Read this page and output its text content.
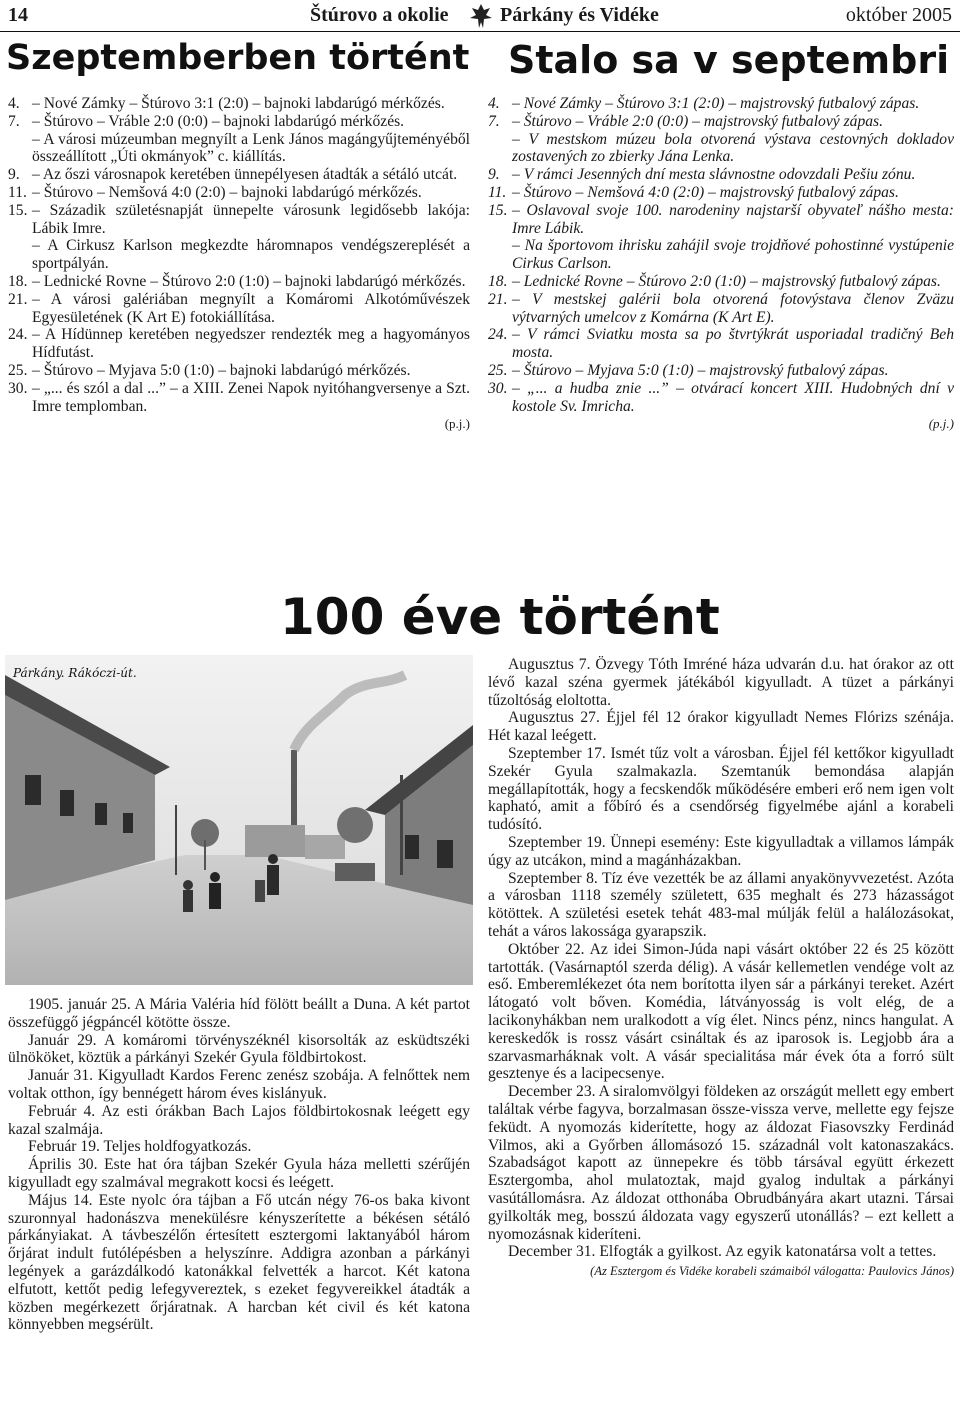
14	Štúrovo a okolie	Párkány és Vidéke	október 2005
Szeptemberben történt Stalo sa v septembri
4. – Nové Zámky – Štúrovo 3:1 (2:0) – bajnoki labdarúgó mérkőzés.
7. – Štúrovo – Vráble 2:0 (0:0) – bajnoki labdarúgó mérkőzés.
– A városi múzeumban megnyílt a Lenk János magángyűjteményéből összeállított „Úti okmányok” c. kiállítás.
9. – Az őszi városnapok keretében ünnepélyesen átadták a sétáló utcát.
11. – Štúrovo – Nemšová 4:0 (2:0) – bajnoki labdarúgó mérkőzés.
15. – Századik születésnapját ünnepelte városunk legidősebb lakója: Lábik Imre.
– A Cirkusz Karlson megkezdte háromnapos vendégszereplését a sportpályán.
18. – Lednické Rovne – Štúrovo 2:0 (1:0) – bajnoki labdarúgó mérkőzés.
21. – A városi galériában megnyílt a Komáromi Alkotóművészek Egyesületének (K Art E) fotokiállítása.
24. – A Hídünnep keretében negyedszer rendezték meg a hagyományos Hídfutást.
25. – Štúrovo – Myjava 5:0 (1:0) – bajnoki labdarúgó mérkőzés.
30. – „... és szól a dal ...” – a XIII. Zenei Napok nyitóhangversenye a Szt. Imre templomban.
(p.j.)
4. – Nové Zámky – Štúrovo 3:1 (2:0) – majstrovský futbalový zápas.
7. – Štúrovo – Vráble 2:0 (0:0) – majstrovský futbalový zápas.
– V mestskom múzeu bola otvorená výstava cestovných dokladov zostavených zo zbierky Jána Lenka.
9. – V rámci Jesenných dní mesta slávnostne odovzdali Pešiu zónu.
11. – Štúrovo – Nemšová 4:0 (2:0) – majstrovský futbalový zápas.
15. – Oslavoval svoje 100. narodeniny najstarší obyvateľ nášho mesta: Imre Lábik.
– Na športovom ihrisku zahájil svoje trojdňové pohostinné vystúpenie Cirkus Carlson.
18. – Lednické Rovne – Štúrovo 2:0 (1:0) – majstrovský futbalový zápas.
21. – V mestskej galérii bola otvorená fotovýstava členov Zväzu výtvarných umelcov z Komárna (K Art E).
24. – V rámci Sviatku mosta sa po štvrtýkrát usporiadal tradičný Beh mosta.
25. – Štúrovo – Myjava 5:0 (1:0) – majstrovský futbalový zápas.
30. – „... a hudba znie ...” – otvárací koncert XIII. Hudobných dní v kostole Sv. Imricha.
(p.j.)
100 éve történt
Párkány. Rákóczi-út.

1905. január 25. A Mária Valéria híd fölött beállt a Duna. A két partot összefüggő jégpáncél kötötte össze.

Január 29. A komáromi törvényszéknél kisorsolták az esküdtszéki ülnököket, köztük a párkányi Szekér Gyula földbirtokost.

Január 31. Kigyulladt Kardos Ferenc zenész szobája. A felnőttek nem voltak otthon, így bennégett három éves kislányuk.

Február 4. Az esti órákban Bach Lajos földbirtokosnak leégett egy kazal szalmája.

Február 19. Teljes holdfogyatkozás.

Április 30. Este hat óra tájban Szekér Gyula háza melletti szérűjén kigyulladt egy szalmával megrakott kocsi és leégett.

Május 14. Este nyolc óra tájban a Fő utcán négy 76-os baka kivont szuronnyal hadonászva menekülésre kényszerítette a békésen sétáló párkányiakat. A távbeszélőn értesített esztergomi laktanyából három őrjárat indult futólépésben a helyszínre. Addigra azonban a párkányi legények a garázdálkodó katonákkal felvették a harcot. Két katona elfutott, kettőt pedig lefegyvereztek, s ezeket fegyvereikkel átadták a közben megérkezett őrjáratnak. A harcban két civil és két katona könnyebben megsérült.

Augusztus 7. Özvegy Tóth Imréné háza udvarán d.u. hat órakor az ott lévő kazal széna gyermek játékából kigyulladt. A tüzet a párkányi tűzoltóság eloltotta.

Augusztus 27. Éjjel fél 12 órakor kigyulladt Nemes Flórizs szénája. Hét kazal leégett.

Szeptember 17. Ismét tűz volt a városban. Éjjel fél kettőkor kigyulladt Szekér Gyula szalmakazla. Szemtanúk bemondása alapján megállapították, hogy a fecskendők működésére emberi erő nem igen volt kapható, amit a főbíró és a csendőrség figyelmébe ajánl a korabeli tudósító.

Szeptember 19. Ünnepi esemény: Este kigyulladtak a villamos lámpák úgy az utcákon, mind a magánházakban.

Szeptember 8. Tíz éve vezették be az állami anyakönyvvezetést. Azóta a városban 1118 személy született, 635 meghalt és 273 házasságot kötöttek. A születési esetek tehát 483-mal múlják felül a halálozásokat, tehát a város lakossága gyarapszik.

Október 22. Az idei Simon-Júda napi vásárt október 22 és 25 között tartották. (Vasárnaptól szerda délig). A vásár kellemetlen vendége volt az eső. Emberemlékezet óta nem borította ilyen sár a párkányi tereket. Azért látogató volt bőven. Komédia, látványosság is volt elég, de a lacikonyhákban nem uralkodott a víg élet. Nincs pénz, nincs hangulat. A kereskedők is rossz vásárt csináltak és az iparosok is. Legjobb ára a szarvasmarháknak volt. A vásár specialitása már évek óta a forró sült gesztenye és a lacipecsenye.

December 23. A siralomvölgyi földeken az országút mellett egy embert találtak vérbe fagyva, borzalmasan összе-vissza verve, mellette egy fejsze feküdt. A nyomozás kiderítette, hogy az áldozat Fiasovszky Ferdinád Vilmos, aki a Győrben állomásozó 15. századnál volt katonaszakács. Szabadságot kapott az ünnepekre és több társával együtt érkezett Esztergomba, ahol mulatoztak, majd gyalog indultak a párkányi vasútállomásra. Az áldozat otthonába Obrudbányára akart utazni. Társai gyilkolták meg, bosszú áldozata vagy egyszerű utonállás? – ezt kellett a nyomozásnak kideríteni.

December 31. Elfogták a gyilkost. Az egyik katonatársa volt a tettes.

(Az Esztergom és Vidéke korabeli számaiból válogatta: Paulovics János)
